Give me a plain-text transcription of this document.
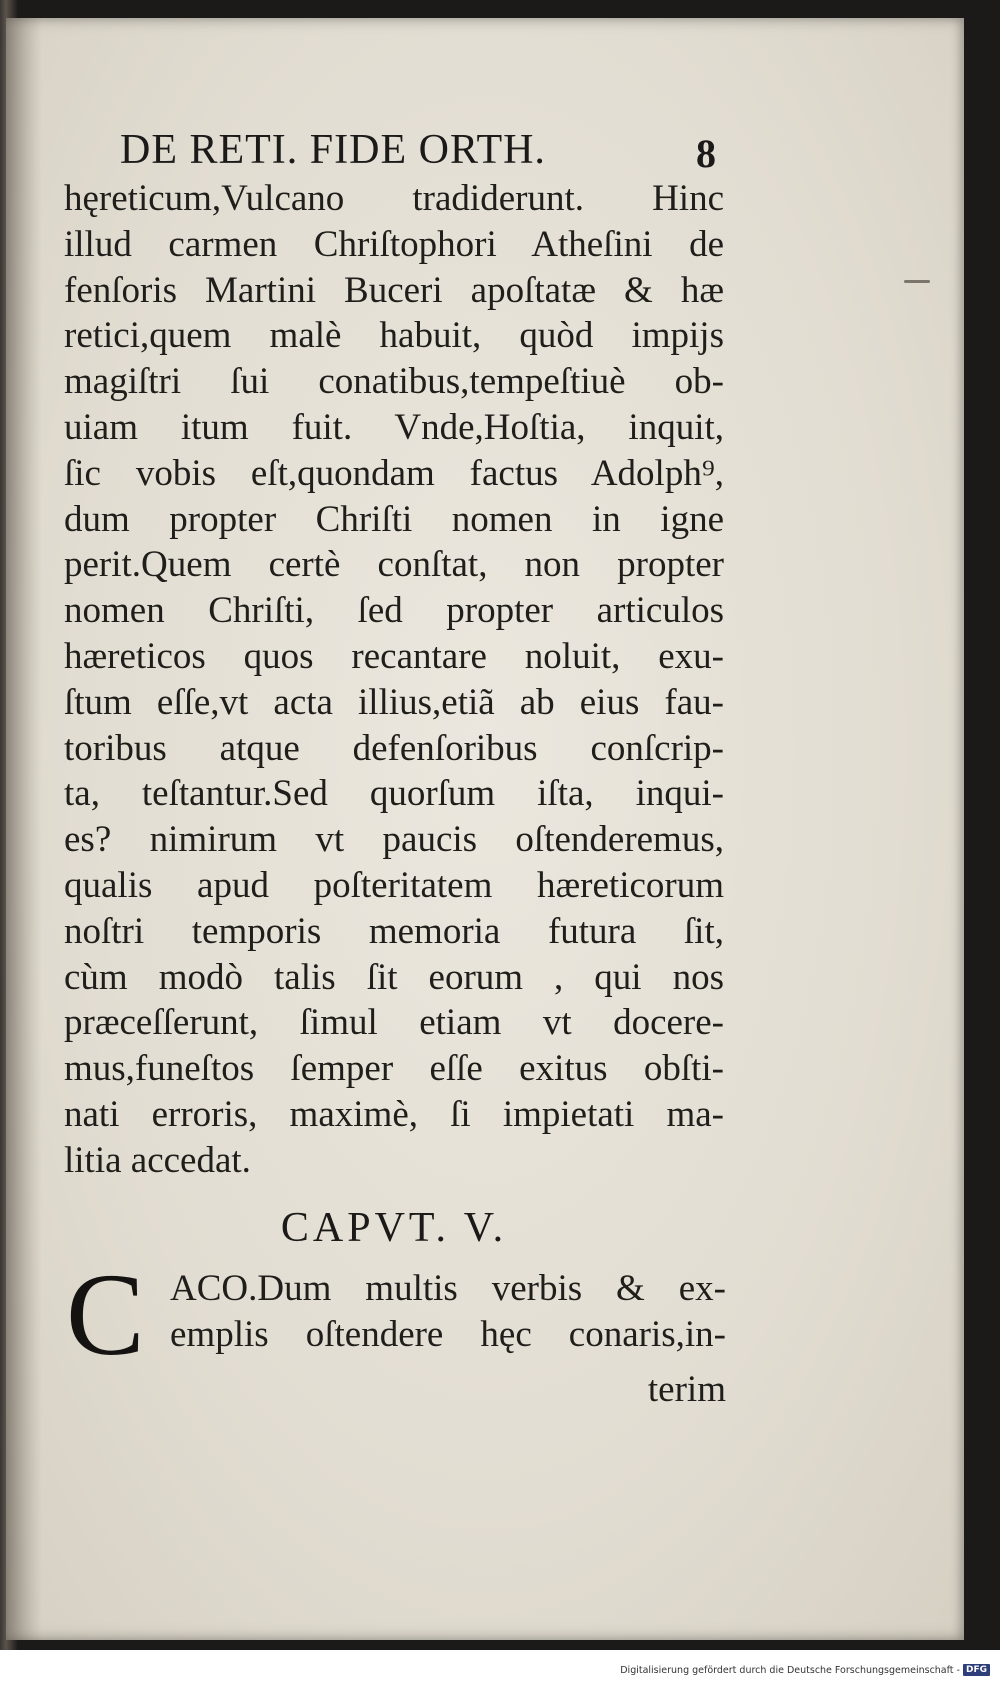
DE RETI. FIDE ORTH.	8
hęreticum,Vulcano tradiderunt. Hinc
illud carmen Chriſtophori Atheſini de
fenſoris Martini Buceri apoſtatæ & hæ
retici,quem malè habuit, quòd impijs
magiſtri ſui conatibus,tempeſtiuè ob-
uiam itum fuit. Vnde,Hoſtia, inquit,
ſic vobis eſt,quondam factus Adolph⁹,
dum propter Chriſti nomen in igne
perit.Quem certè conſtat, non propter
nomen Chriſti, ſed propter articulos
hæreticos quos recantare noluit, exu-
ſtum eſſe,vt acta illius,etiã ab eius fau-
toribus atque defenſoribus conſcrip-
ta, teſtantur.Sed quorſum iſta, inqui-
es? nimirum vt paucis oſtenderemus,
qualis apud poſteritatem hæreticorum
noſtri temporis memoria futura ſit,
cùm modò talis ſit eorum , qui nos
præceſſerunt, ſimul etiam vt docere-
mus,funeſtos ſemper eſſe exitus obſti-
nati erroris, maximè, ſi impietati ma-
litia accedat.
CAPVT. V.
C ACO.Dum multis verbis & ex-
emplis oſtendere hęc conaris,in-
terim
Digitalisierung gefördert durch die Deutsche Forschungsgemeinschaft - DFG
